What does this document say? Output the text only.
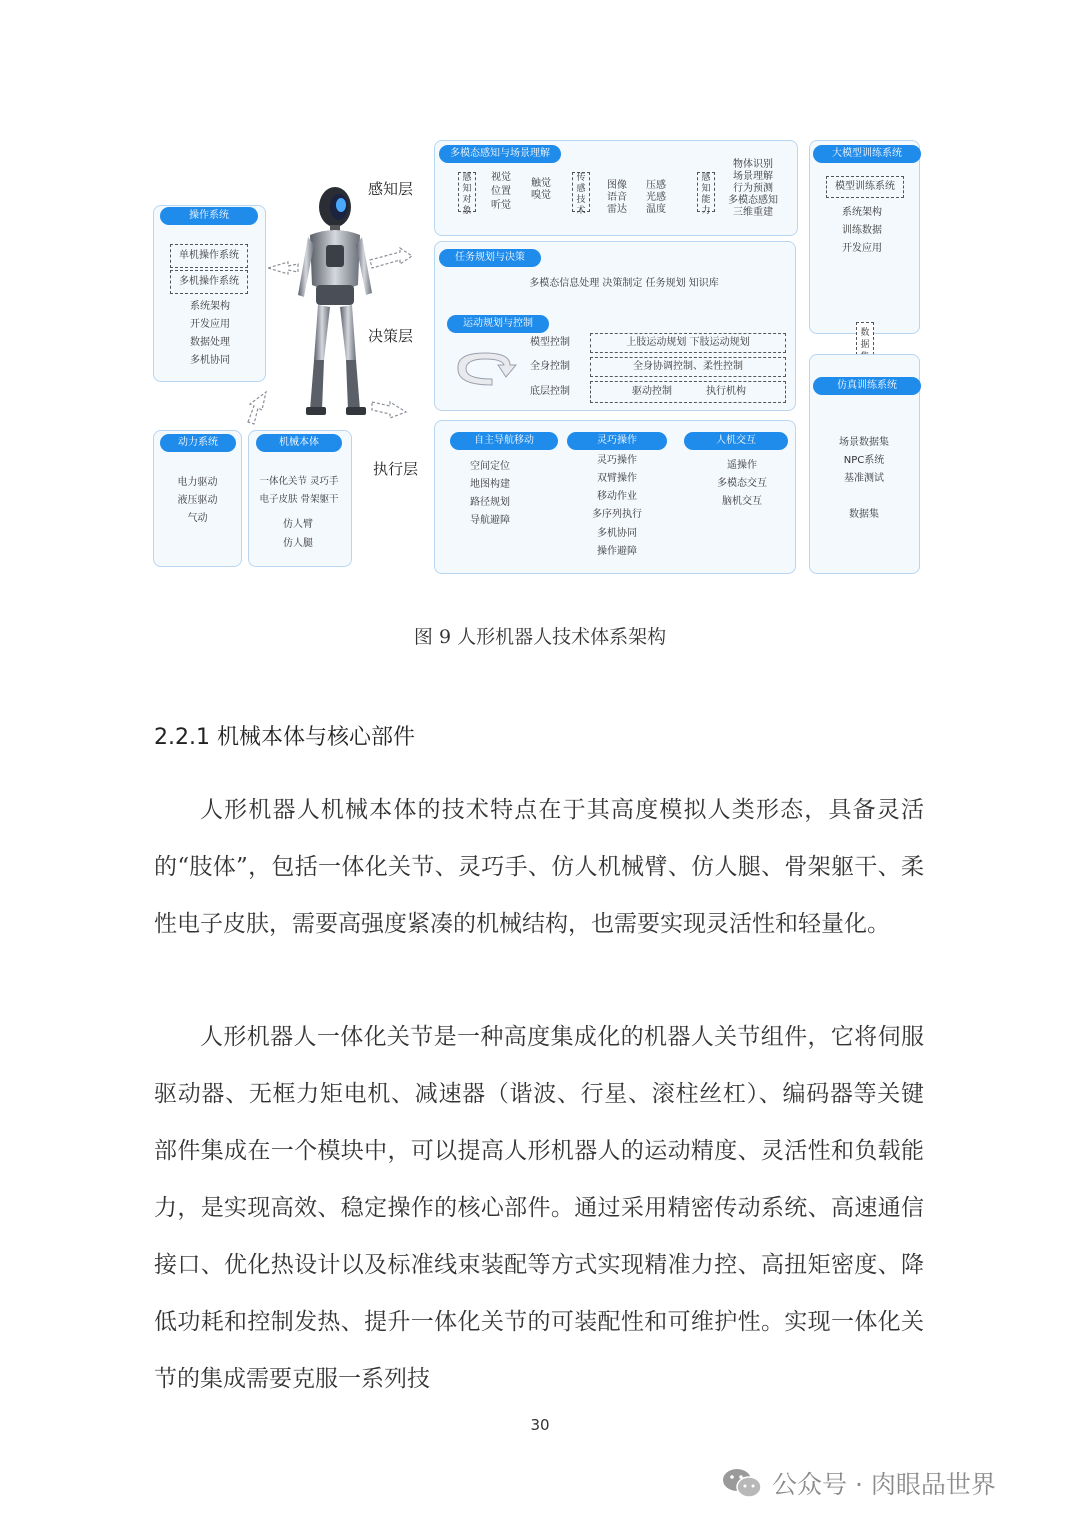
操作系统
单机操作系统
多机操作系统
系统架构
开发应用
数据处理
多机协同
动力系统
电力驱动
液压驱动
气动
机械本体
一体化关节 灵巧手
电子皮肤 骨架躯干
仿人臂
仿人腿
感知层
决策层
执行层
多模态感知与场景理解
感知对象
视觉
位置
听觉
触觉
嗅觉
传感技术
图像
语音
雷达
压感
光感
温度
感知能力
物体识别
场景理解
行为预测
多模态感知
三维重建
任务规划与决策
多模态信息处理 决策制定 任务规划 知识库
运动规划与控制
模型控制
全身控制
底层控制
上肢运动规划 下肢运动规划
全身协调控制、柔性控制
驱动控制	执行机构
自主导航移动
空间定位
地图构建
路径规划
导航避障
灵巧操作
灵巧操作
双臂操作
移动作业
多序列执行
多机协同
操作避障
人机交互
遥操作
多模态交互
脑机交互
大模型训练系统
模型训练系统
系统架构
训练数据
开发应用
数据
仿真训练系统
场景数据集
NPC系统
基准测试
数据集
图 9 人形机器人技术体系架构
2.2.1 机械本体与核心部件

人形机器人机械本体的技术特点在于其高度模拟人类形态，具备灵活的“肢体”，包括一体化关节、灵巧手、仿人机械臂、仿人腿、骨架躯干、柔性电子皮肤，需要高强度紧凑的机械结构，也需要实现灵活性和轻量化。

人形机器人一体化关节是一种高度集成化的机器人关节组件，它将伺服驱动器、无框力矩电机、减速器（谐波、行星、滚柱丝杠）、编码器等关键部件集成在一个模块中，可以提高人形机器人的运动精度、灵活性和负载能力，是实现高效、稳定操作的核心部件。通过采用精密传动系统、高速通信接口、优化热设计以及标准线束装配等方式实现精准力控、高扭矩密度、降低功耗和控制发热、提升一体化关节的可装配性和可维护性。实现一体化关节的集成需要克服一系列技

30
公众号 · 肉眼品世界
